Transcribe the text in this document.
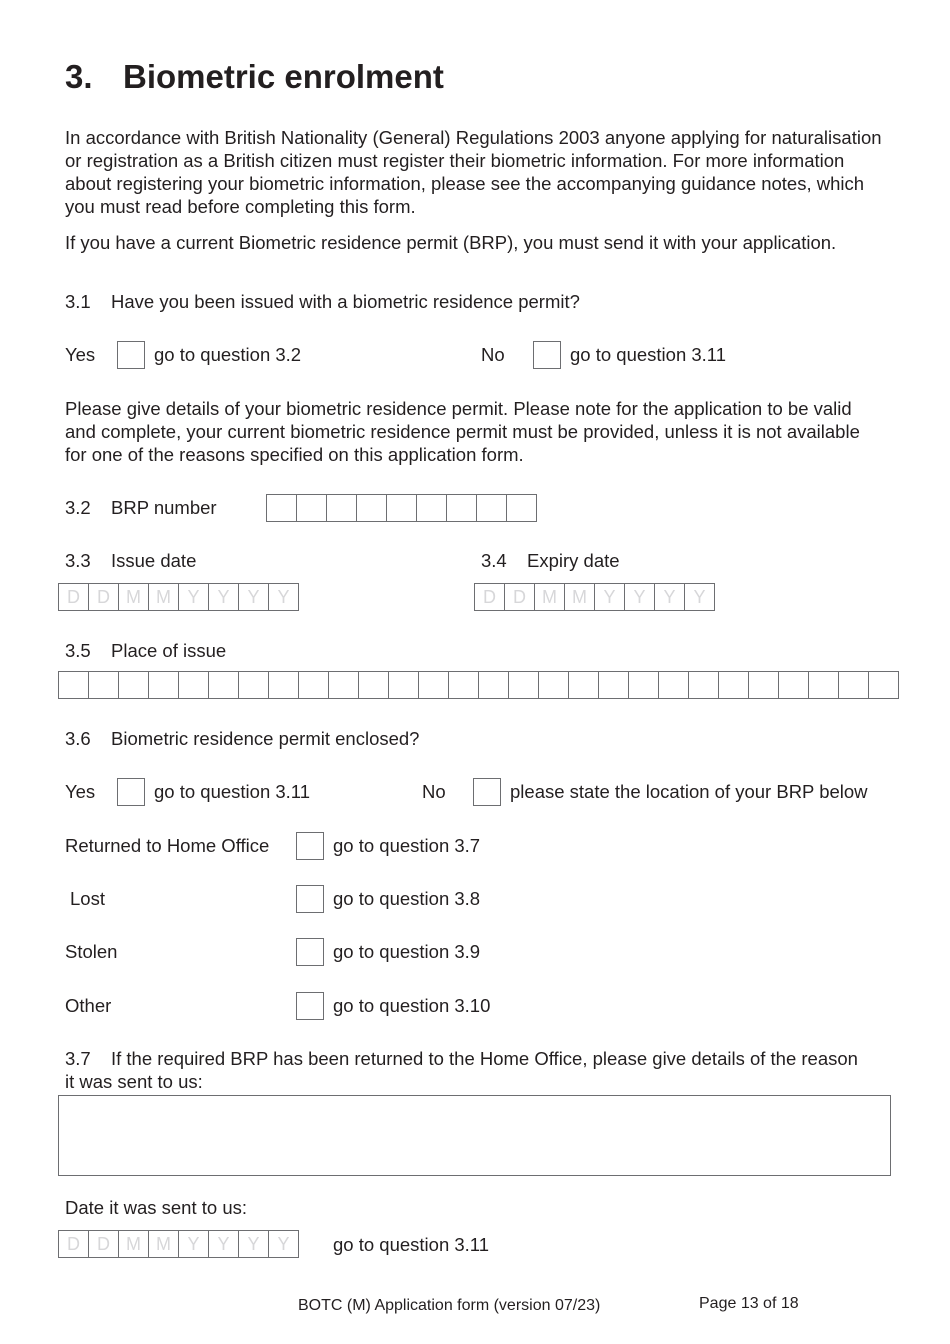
3. Biometric enrolment
In accordance with British Nationality (General) Regulations 2003 anyone applying for naturalisation or registration as a British citizen must register their biometric information. For more information about registering your biometric information, please see the accompanying guidance notes, which you must read before completing this form.
If you have a current Biometric residence permit (BRP), you must send it with your application.
3.1 Have you been issued with a biometric residence permit?
Yes	go to question 3.2	No	go to question 3.11
Please give details of your biometric residence permit. Please note for the application to be valid and complete, your current biometric residence permit must be provided, unless it is not available for one of the reasons specified on this application form.
3.2 BRP number
3.3 Issue date	3.4 Expiry date
D D M M Y Y Y Y	D D M M Y Y Y Y
3.5 Place of issue
3.6 Biometric residence permit enclosed?
Yes	go to question 3.11	No	please state the location of your BRP below
Returned to Home Office	go to question 3.7
Lost	go to question 3.8
Stolen	go to question 3.9
Other	go to question 3.10
3.7 If the required BRP has been returned to the Home Office, please give details of the reason
it was sent to us:
Date it was sent to us:
D D M M Y Y Y Y	go to question 3.11
BOTC (M) Application form (version 07/23)	Page 13 of 18
